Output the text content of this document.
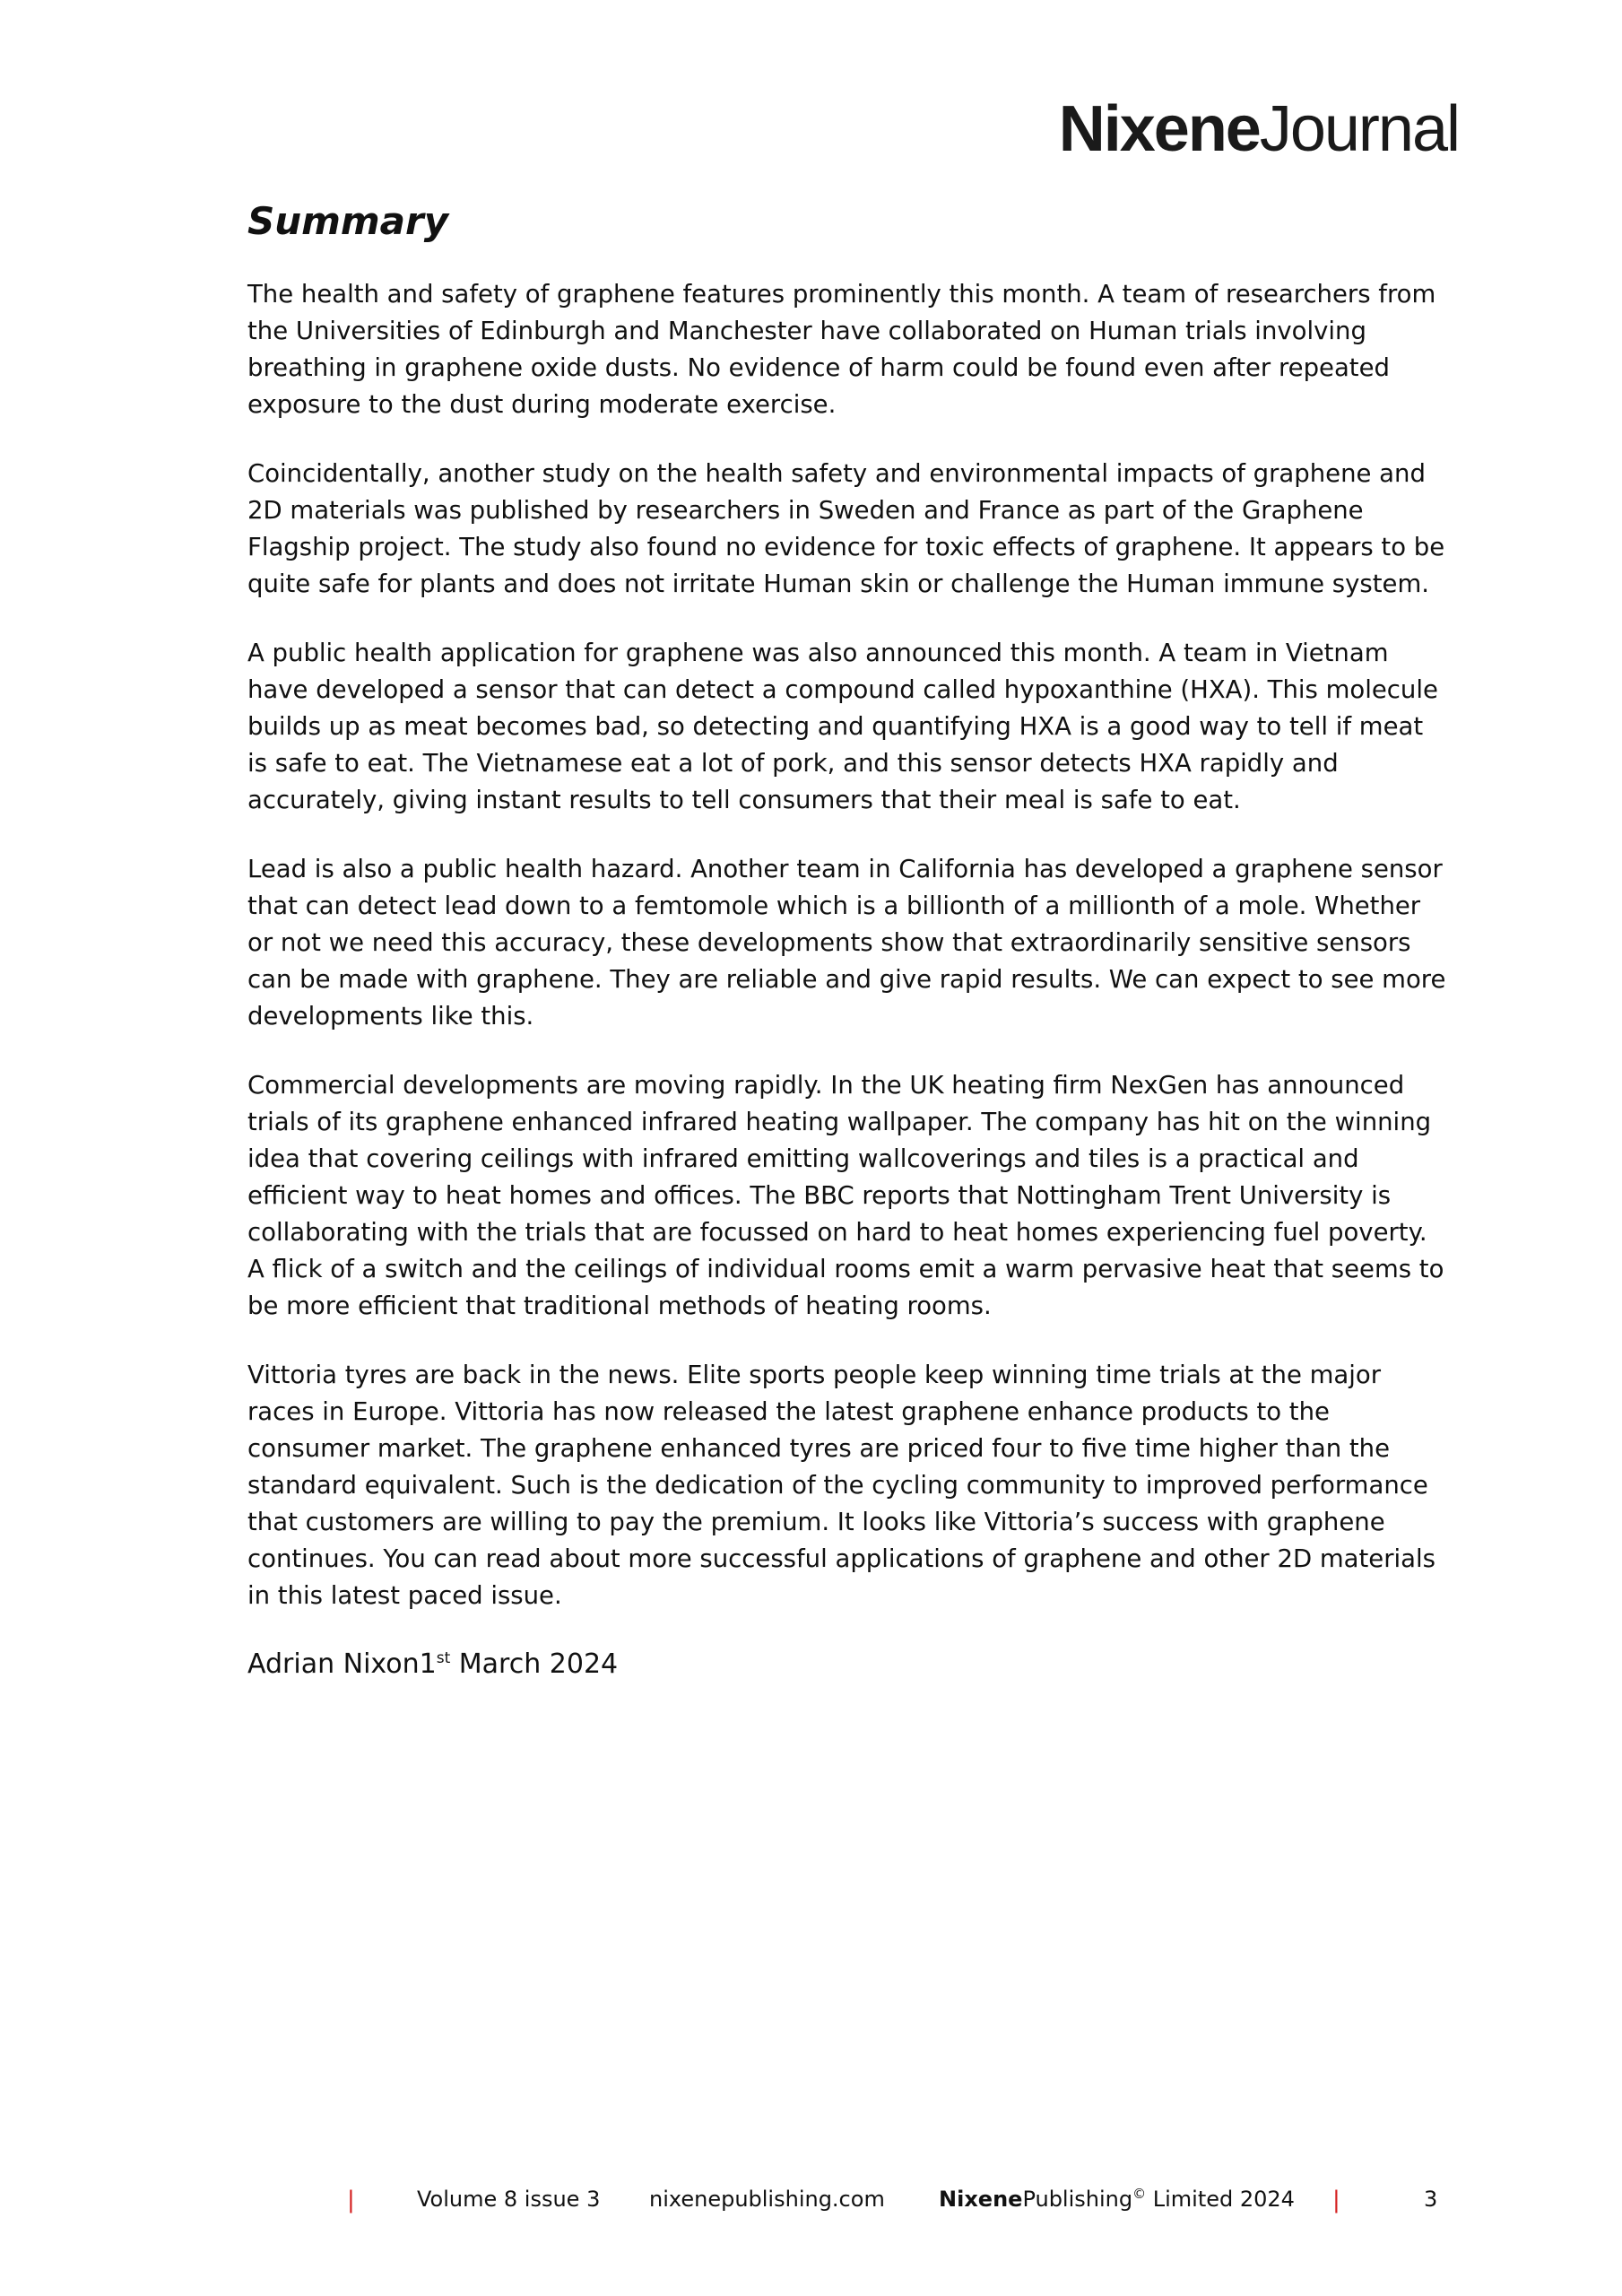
NixeneJournal
Summary

The health and safety of graphene features prominently this month. A team of researchers from the Universities of Edinburgh and Manchester have collaborated on Human trials involving breathing in graphene oxide dusts. No evidence of harm could be found even after repeated exposure to the dust during moderate exercise.

Coincidentally, another study on the health safety and environmental impacts of graphene and 2D materials was published by researchers in Sweden and France as part of the Graphene Flagship project. The study also found no evidence for toxic effects of graphene. It appears to be quite safe for plants and does not irritate Human skin or challenge the Human immune system.

A public health application for graphene was also announced this month. A team in Vietnam have developed a sensor that can detect a compound called hypoxanthine (HXA). This molecule builds up as meat becomes bad, so detecting and quantifying HXA is a good way to tell if meat is safe to eat. The Vietnamese eat a lot of pork, and this sensor detects HXA rapidly and accurately, giving instant results to tell consumers that their meal is safe to eat.

Lead is also a public health hazard. Another team in California has developed a graphene sensor that can detect lead down to a femtomole which is a billionth of a millionth of a mole. Whether or not we need this accuracy, these developments show that extraordinarily sensitive sensors can be made with graphene. They are reliable and give rapid results. We can expect to see more developments like this.

Commercial developments are moving rapidly. In the UK heating firm NexGen has announced trials of its graphene enhanced infrared heating wallpaper. The company has hit on the winning idea that covering ceilings with infrared emitting wallcoverings and tiles is a practical and efficient way to heat homes and offices. The BBC reports that Nottingham Trent University is collaborating with the trials that are focussed on hard to heat homes experiencing fuel poverty. A flick of a switch and the ceilings of individual rooms emit a warm pervasive heat that seems to be more efficient that traditional methods of heating rooms.

Vittoria tyres are back in the news. Elite sports people keep winning time trials at the major races in Europe. Vittoria has now released the latest graphene enhance products to the consumer market. The graphene enhanced tyres are priced four to five time higher than the standard equivalent. Such is the dedication of the cycling community to improved performance that customers are willing to pay the premium. It looks like Vittoria’s success with graphene continues. You can read about more successful applications of graphene and other 2D materials in this latest paced issue.

Adrian Nixon1st March 2024
|	Volume 8 issue 3 nixenepublishing.com	NixenePublishing© Limited 2024 |	3
